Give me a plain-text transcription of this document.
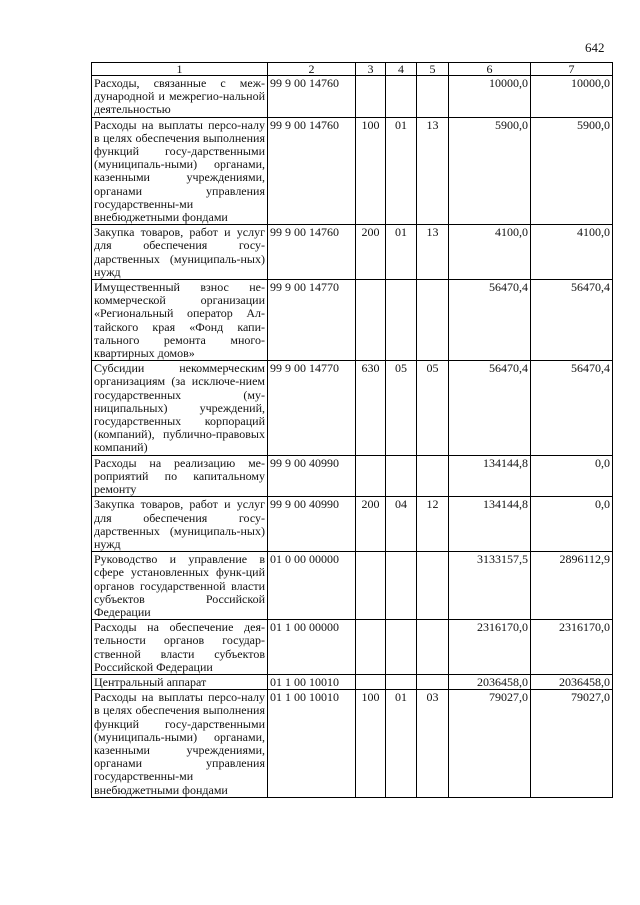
642
1	2	3	4	5	6	7
Расходы, связанные с меж-дународной и межрегио-нальной деятельностью	99 9 00 14760				10000,0	10000,0
Расходы на выплаты персо-налу в целях обеспечения выполнения функций госу-дарственными (муниципаль-ными) органами, казенными учреждениями, органами управления государственны-ми внебюджетными фондами	99 9 00 14760	100	01	13	5900,0	5900,0
Закупка товаров, работ и услуг для обеспечения госу-дарственных (муниципаль-ных) нужд	99 9 00 14760	200	01	13	4100,0	4100,0
Имущественный взнос не-коммерческой организации «Региональный оператор Ал-тайского края «Фонд капи-тального ремонта много-квартирных домов»	99 9 00 14770				56470,4	56470,4
Субсидии некоммерческим организациям (за исключе-нием государственных (му-ниципальных) учреждений, государственных корпораций (компаний), публично-правовых компаний)	99 9 00 14770	630	05	05	56470,4	56470,4
Расходы на реализацию ме-роприятий по капитальному ремонту	99 9 00 40990				134144,8	0,0
Закупка товаров, работ и услуг для обеспечения госу-дарственных (муниципаль-ных) нужд	99 9 00 40990	200	04	12	134144,8	0,0
Руководство и управление в сфере установленных функ-ций органов государственной власти субъектов Российской Федерации	01 0 00 00000				3133157,5	2896112,9
Расходы на обеспечение дея-тельности органов государ-ственной власти субъектов Российской Федерации	01 1 00 00000				2316170,0	2316170,0
Центральный аппарат	01 1 00 10010				2036458,0	2036458,0
Расходы на выплаты персо-налу в целях обеспечения выполнения функций госу-дарственными (муниципаль-ными) органами, казенными учреждениями, органами управления государственны-ми внебюджетными фондами	01 1 00 10010	100	01	03	79027,0	79027,0
